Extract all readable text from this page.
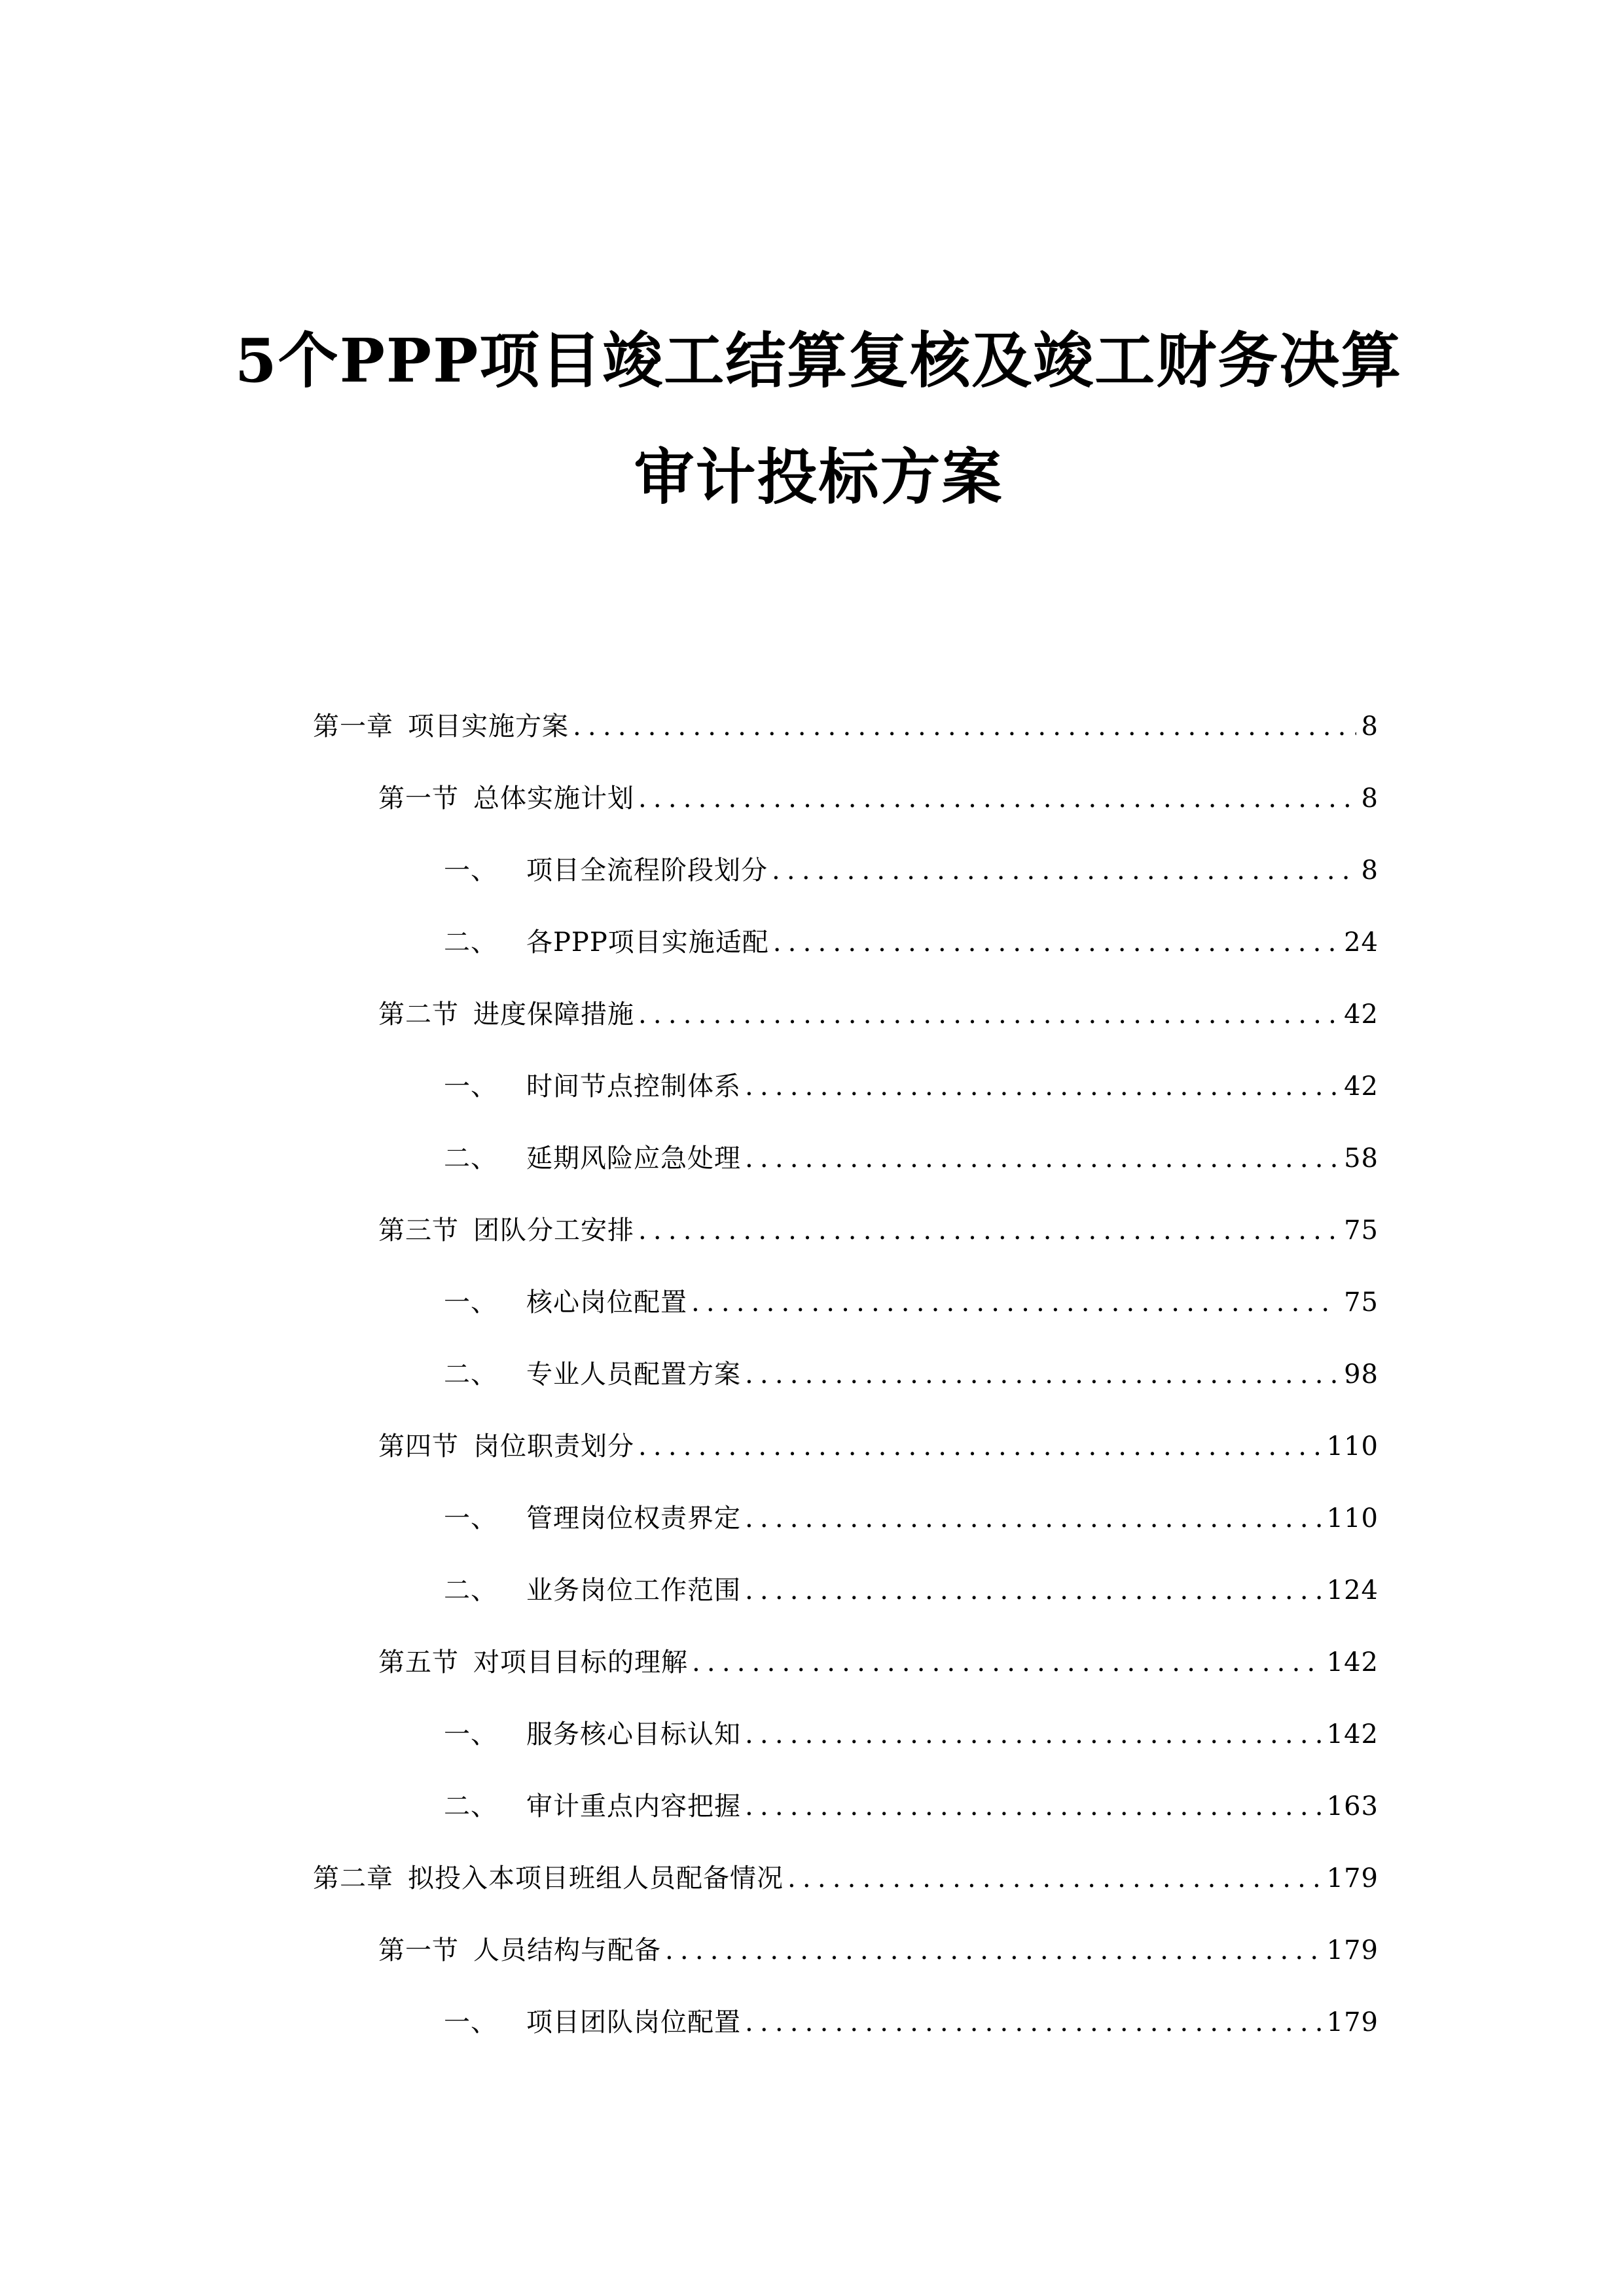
5个PPP项目竣工结算复核及竣工财务决算
审计投标方案
第一章 项目实施方案 .....	8
第一节 总体实施计划 .....	8
一、 项目全流程阶段划分 .....	8
二、 各PPP项目实施适配 .....	24
第二节 进度保障措施 .....	42
一、 时间节点控制体系 .....	42
二、 延期风险应急处理 .....	58
第三节 团队分工安排 .....	75
一、 核心岗位配置 .....	75
二、 专业人员配置方案 .....	98
第四节 岗位职责划分 .....	110
一、 管理岗位权责界定 .....	110
二、 业务岗位工作范围 .....	124
第五节 对项目目标的理解 .....	142
一、 服务核心目标认知 .....	142
二、 审计重点内容把握 .....	163
第二章 拟投入本项目班组人员配备情况 .....	179
第一节 人员结构与配备 .....	179
一、 项目团队岗位配置 .....	179
